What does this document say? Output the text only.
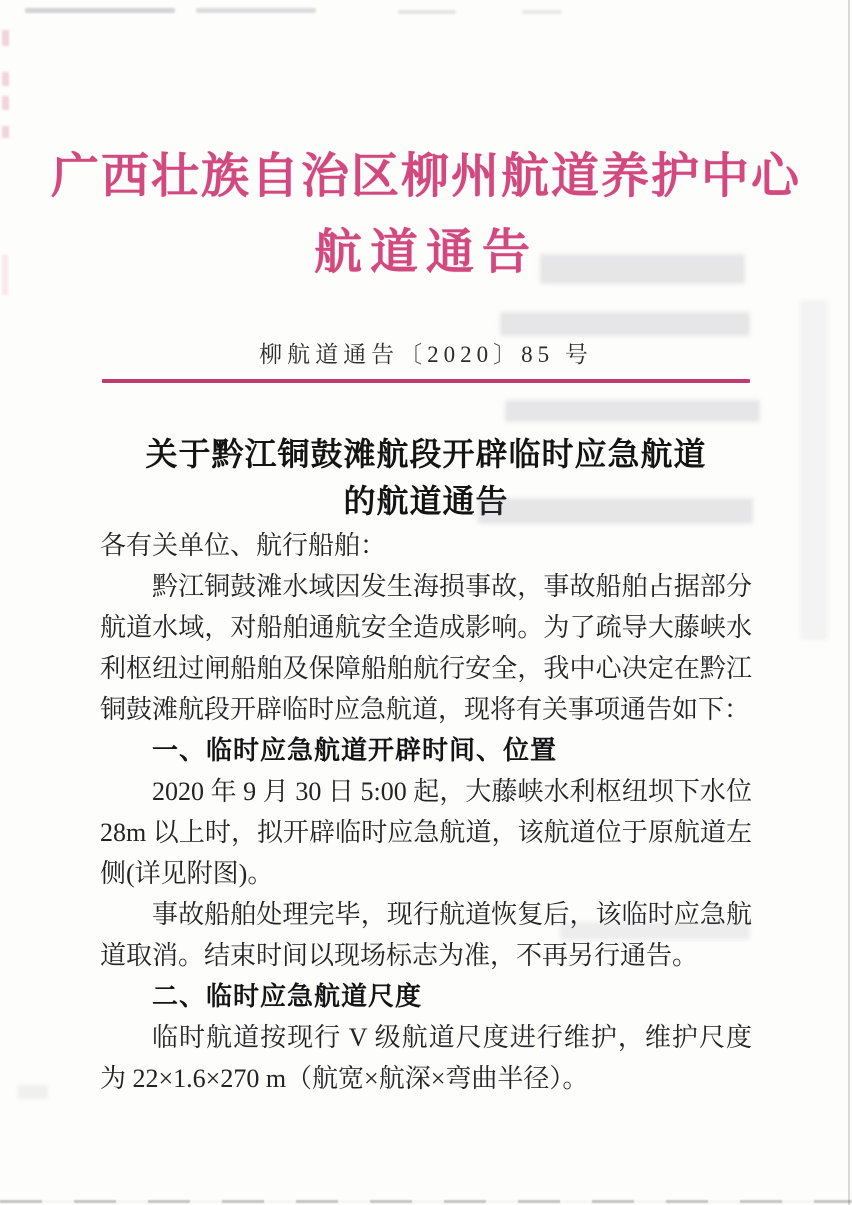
广西壮族自治区柳州航道养护中心
航道通告
柳航道通告〔2020〕85 号
关于黔江铜鼓滩航段开辟临时应急航道
的航道通告

各有关单位、航行船舶：

黔江铜鼓滩水域因发生海损事故，事故船舶占据部分航道水域，对船舶通航安全造成影响。为了疏导大藤峡水利枢纽过闸船舶及保障船舶航行安全，我中心决定在黔江铜鼓滩航段开辟临时应急航道，现将有关事项通告如下：

一、临时应急航道开辟时间、位置

2020 年 9 月 30 日 5:00 起，大藤峡水利枢纽坝下水位 28m 以上时，拟开辟临时应急航道，该航道位于原航道左侧(详见附图)。

事故船舶处理完毕，现行航道恢复后，该临时应急航道取消。结束时间以现场标志为准，不再另行通告。

二、临时应急航道尺度

临时航道按现行 V 级航道尺度进行维护，维护尺度为 22×1.6×270 m（航宽×航深×弯曲半径）。
